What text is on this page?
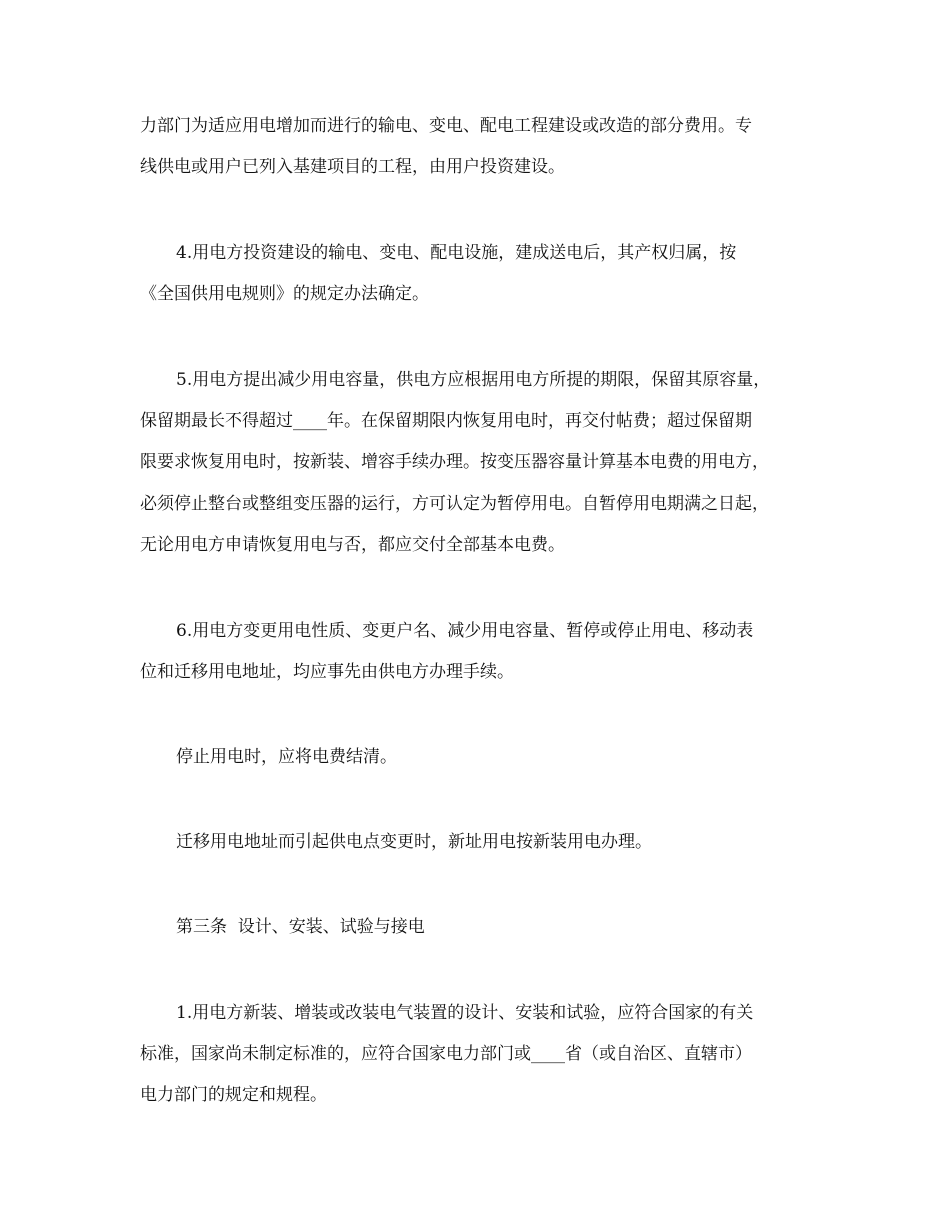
力部门为适应用电增加而进行的输电、变电、配电工程建设或改造的部分费用。专

线供电或用户已列入基建项目的工程，由用户投资建设。

4.用电方投资建设的输电、变电、配电设施，建成送电后，其产权归属，按

《全国供用电规则》的规定办法确定。

5.用电方提出减少用电容量，供电方应根据用电方所提的期限，保留其原容量，

保留期最长不得超过____年。在保留期限内恢复用电时，再交付帖费；超过保留期

限要求恢复用电时，按新装、增容手续办理。按变压器容量计算基本电费的用电方，

必须停止整台或整组变压器的运行，方可认定为暂停用电。自暂停用电期满之日起，

无论用电方申请恢复用电与否，都应交付全部基本电费。

6.用电方变更用电性质、变更户名、减少用电容量、暂停或停止用电、移动表

位和迁移用电地址，均应事先由供电方办理手续。

停止用电时，应将电费结清。

迁移用电地址而引起供电点变更时，新址用电按新装用电办理。

第三条  设计、安装、试验与接电

1.用电方新装、增装或改装电气装置的设计、安装和试验，应符合国家的有关

标准，国家尚未制定标准的，应符合国家电力部门或____省（或自治区、直辖市）

电力部门的规定和规程。
